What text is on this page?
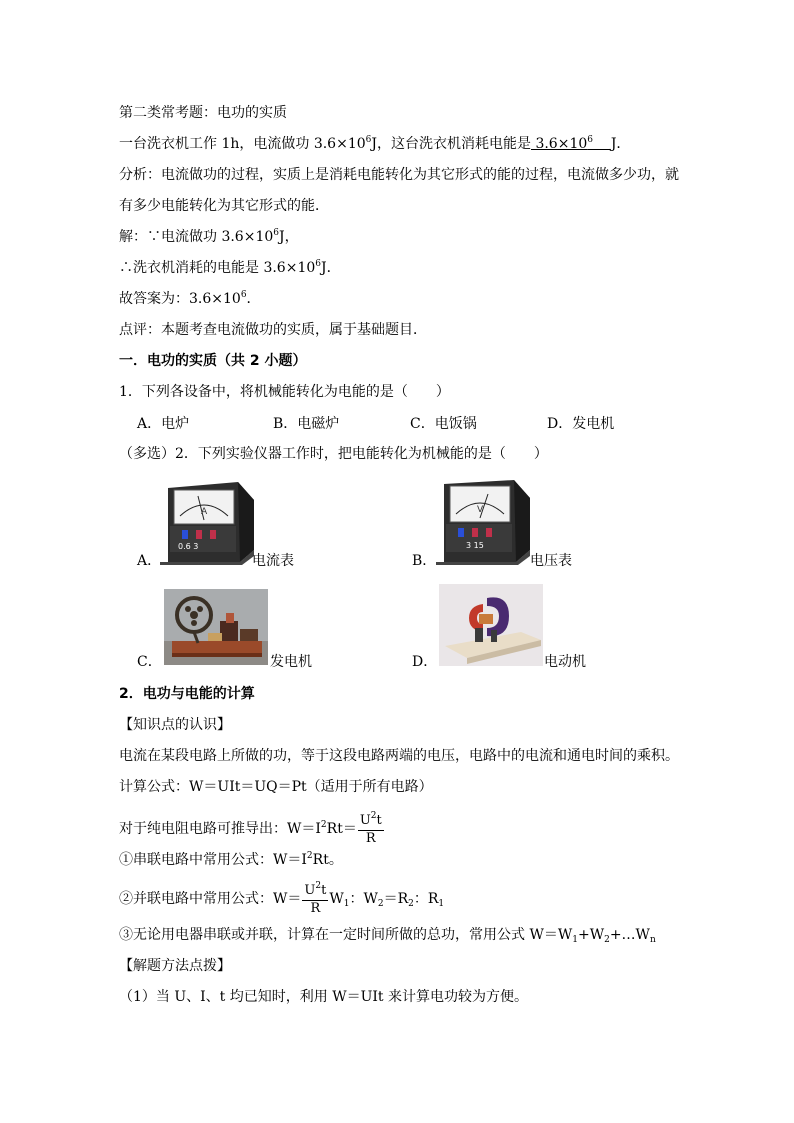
第二类常考题：电功的实质
一台洗衣机工作 1h，电流做功 $3.6\times 10^6J$，这台洗衣机消耗电能是 $3.6\times 10^6$ J．
分析：电流做功的过程，实质上是消耗电能转化为其它形式的能的过程，电流做多少功，就
有多少电能转化为其它形式的能．
解：∵电流做功 $3.6\times 10^6J$，
∴洗衣机消耗的电能是 $3.6\times 10^6J$．
故答案为：$3.6\times 10^6$．
点评：本题考查电流做功的实质，属于基础题目．
一．电功的实质（共 2 小题）
1．下列各设备中，将机械能转化为电能的是（　　）
A．电炉	B．电磁炉	C．电饭锅	D．发电机
（多选）2．下列实验仪器工作时，把电能转化为机械能的是（　　）
A．
A
0.6 3
电流表	B．
V
3 15
电压表
C．	发电机	D．	电动机
2．电功与电能的计算
【知识点的认识】
电流在某段电路上所做的功，等于这段电路两端的电压，电路中的电流和通电时间的乘积。
计算公式：W＝UIt＝UQ＝Pt（适用于所有电路）
对于纯电阻电路可推导出：$W=I^2Rt= \frac{U^2t}{R}$
①串联电路中常用公式：$W=I^2Rt$。
②并联电路中常用公式：$W= \frac{U^2t}{R} W_1$：$W_2=R_2$：$R_1$
③无论用电器串联或并联，计算在一定时间所做的总功，常用公式 $W=W_1+W_2+\dots W_n$
【解题方法点拨】
（1）当 U、I、t 均已知时，利用 W＝UIt 来计算电功较为方便。
